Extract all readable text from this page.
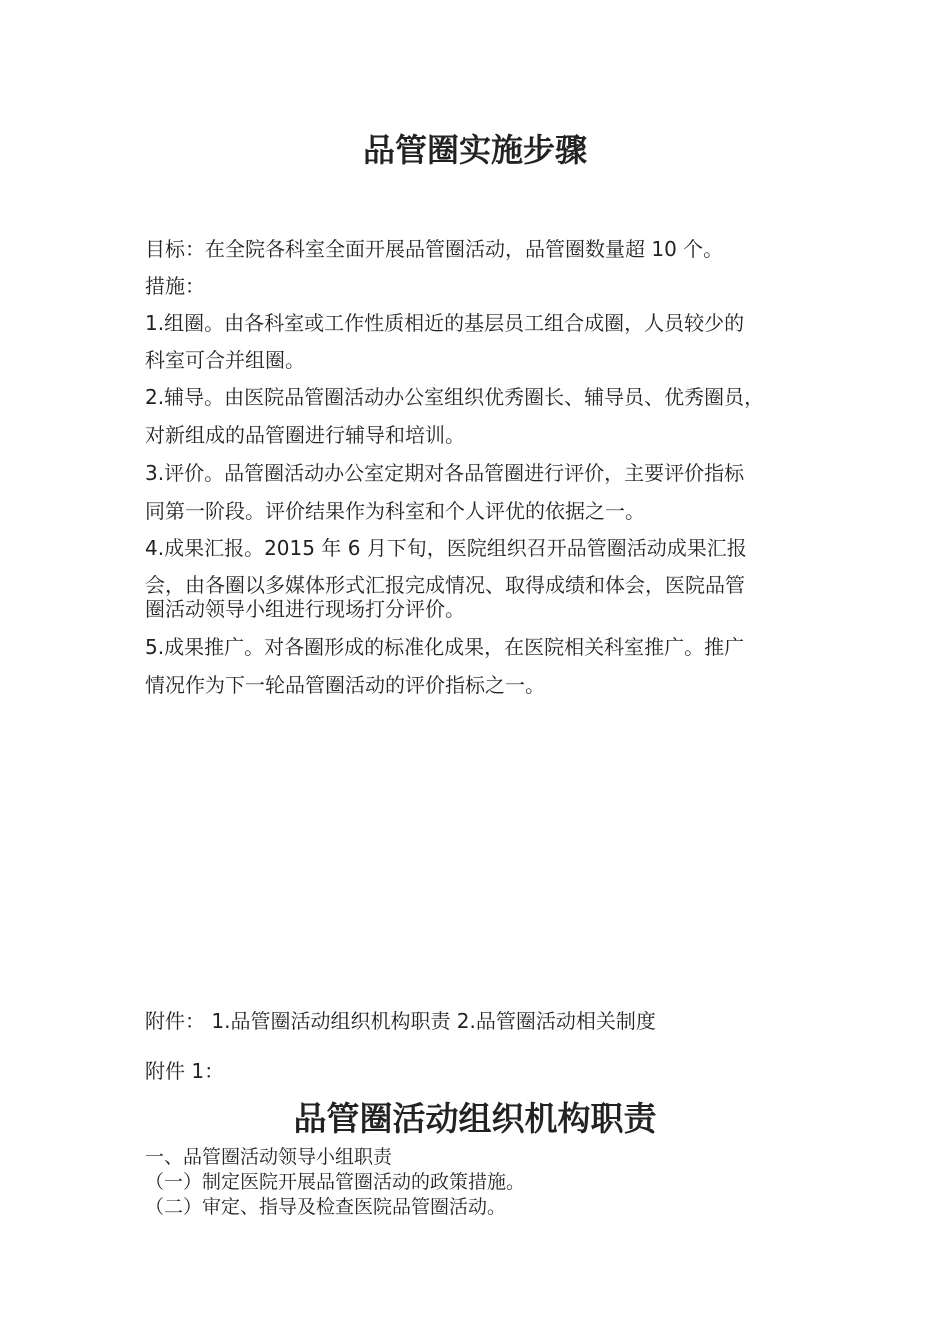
品管圈实施步骤

目标：在全院各科室全面开展品管圈活动，品管圈数量超 10 个。

措施：

1.组圈。由各科室或工作性质相近的基层员工组合成圈，人员较少的

科室可合并组圈。

2.辅导。由医院品管圈活动办公室组织优秀圈长、辅导员、优秀圈员，

对新组成的品管圈进行辅导和培训。

3.评价。品管圈活动办公室定期对各品管圈进行评价，主要评价指标

同第一阶段。评价结果作为科室和个人评优的依据之一。

4.成果汇报。2015 年 6 月下旬，医院组织召开品管圈活动成果汇报

会，由各圈以多媒体形式汇报完成情况、取得成绩和体会，医院品管

圈活动领导小组进行现场打分评价。

5.成果推广。对各圈形成的标准化成果，在医院相关科室推广。推广

情况作为下一轮品管圈活动的评价指标之一。

附件： 1.品管圈活动组织机构职责 2.品管圈活动相关制度

附件 1：

品管圈活动组织机构职责

一、品管圈活动领导小组职责

（一）制定医院开展品管圈活动的政策措施。

（二）审定、指导及检查医院品管圈活动。
